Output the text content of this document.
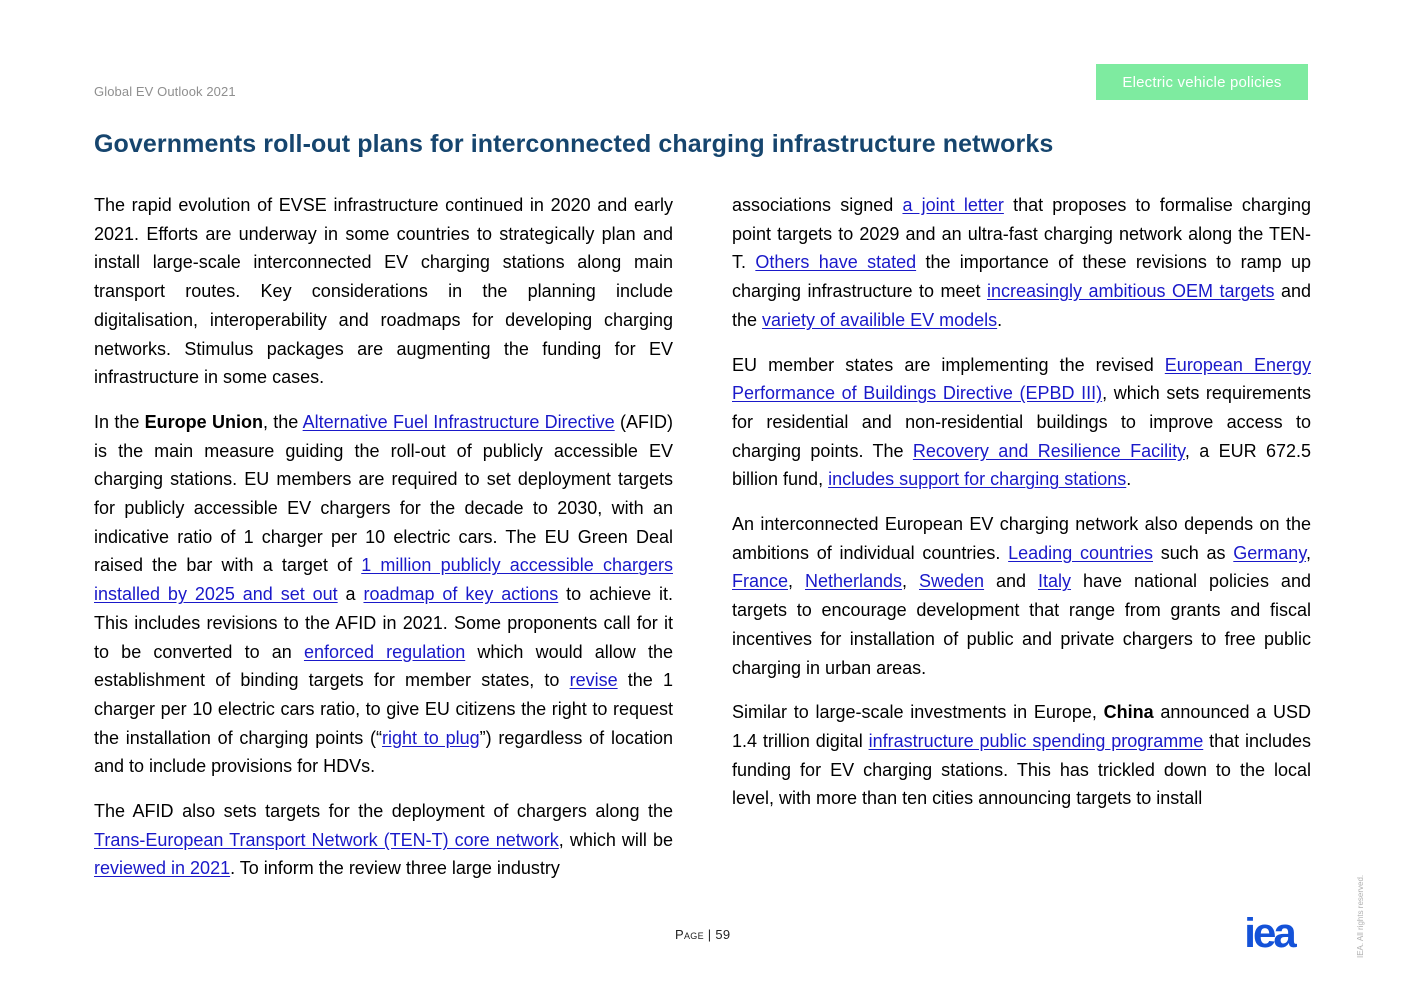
Global EV Outlook 2021
Electric vehicle policies
Governments roll-out plans for interconnected charging infrastructure networks

The rapid evolution of EVSE infrastructure continued in 2020 and early 2021. Efforts are underway in some countries to strategically plan and install large-scale interconnected EV charging stations along main transport routes. Key considerations in the planning include digitalisation, interoperability and roadmaps for developing charging networks. Stimulus packages are augmenting the funding for EV infrastructure in some cases.

In the Europe Union, the Alternative Fuel Infrastructure Directive (AFID) is the main measure guiding the roll-out of publicly accessible EV charging stations. EU members are required to set deployment targets for publicly accessible EV chargers for the decade to 2030, with an indicative ratio of 1 charger per 10 electric cars. The EU Green Deal raised the bar with a target of 1 million publicly accessible chargers installed by 2025 and set out a roadmap of key actions to achieve it. This includes revisions to the AFID in 2021. Some proponents call for it to be converted to an enforced regulation which would allow the establishment of binding targets for member states, to revise the 1 charger per 10 electric cars ratio, to give EU citizens the right to request the installation of charging points (“right to plug”) regardless of location and to include provisions for HDVs.

The AFID also sets targets for the deployment of chargers along the Trans-European Transport Network (TEN-T) core network, which will be reviewed in 2021. To inform the review three large industry

associations signed a joint letter that proposes to formalise charging point targets to 2029 and an ultra-fast charging network along the TEN-T. Others have stated the importance of these revisions to ramp up charging infrastructure to meet increasingly ambitious OEM targets and the variety of availible EV models.

EU member states are implementing the revised European Energy Performance of Buildings Directive (EPBD III), which sets requirements for residential and non-residential buildings to improve access to charging points. The Recovery and Resilience Facility, a EUR 672.5 billion fund, includes support for charging stations.

An interconnected European EV charging network also depends on the ambitions of individual countries. Leading countries such as Germany, France, Netherlands, Sweden and Italy have national policies and targets to encourage development that range from grants and fiscal incentives for installation of public and private chargers to free public charging in urban areas.

Similar to large-scale investments in Europe, China announced a USD 1.4 trillion digital infrastructure public spending programme that includes funding for EV charging stations. This has trickled down to the local level, with more than ten cities announcing targets to install

Page | 59	iea	IEA. All rights reserved.
